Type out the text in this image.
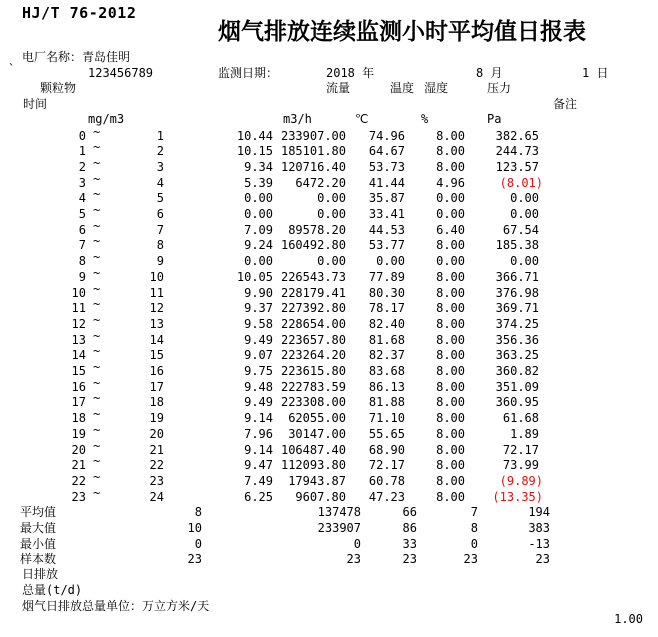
HJ/T 76-2012
烟气排放连续监测小时平均值日报表
电厂名称： 青岛佳明
`	123456789	监测日期：	2018 年	8 月	1 日
颗粒物	流量	温度 湿度	压力
时间	备注
mg/m3	m3/h	℃	%	Pa
0	1	10.44 233907.00	74.96	8.00	382.65
~
1	2	10.15 185101.80	64.67	8.00	244.73
~
2	3	9.34 120716.40	53.73	8.00	123.57
~
3	4	5.39	6472.20	41.44	4.96	(8.01)
~
4	5	0.00	0.00	35.87	0.00	0.00
~
5	6	0.00	0.00	33.41	0.00	0.00
~
6	7	7.09	89578.20	44.53	6.40	67.54
~
7	8	9.24 160492.80	53.77	8.00	185.38
~
8	9	0.00	0.00	0.00	0.00	0.00
~
9	10	10.05 226543.73	77.89	8.00	366.71
~
10	11	9.90 228179.41	80.30	8.00	376.98
~
11	12	9.37 227392.80	78.17	8.00	369.71
~
12	13	9.58 228654.00	82.40	8.00	374.25
~
13	14	9.49 223657.80	81.68	8.00	356.36
~
14	15	9.07 223264.20	82.37	8.00	363.25
~
15	16	9.75 223615.80	83.68	8.00	360.82
~
16	17	9.48 222783.59	86.13	8.00	351.09
~
17	18	9.49 223308.00	81.88	8.00	360.95
~
18	19	9.14	62055.00	71.10	8.00	61.68
~
19	20	7.96	30147.00	55.65	8.00	1.89
~
20	21	9.14 106487.40	68.90	8.00	72.17
~
21	22	9.47 112093.80	72.17	8.00	73.99
~
22	23	7.49	17943.87	60.78	8.00	(9.89)
~
23	24	6.25	9607.80	47.23	8.00	(13.35)
~
平均值	8	137478	66	7	194
最大值	10	233907	86	8	383
最小值	0	0	33	0	-13
样本数	23	23	23	23	23
日排放
总量(t/d)
烟气日排放总量单位：万立方米/天
1.00
